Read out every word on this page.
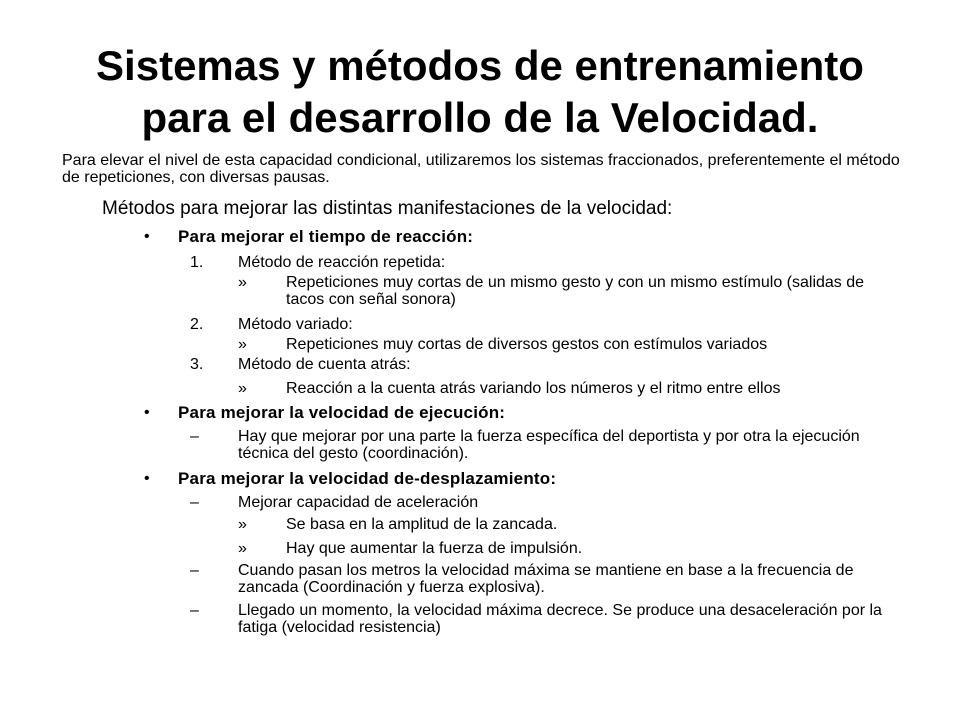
Sistemas y métodos de entrenamiento
para el desarrollo de la Velocidad.
Para elevar el nivel de esta capacidad condicional, utilizaremos los sistemas fraccionados, preferentemente el método de repeticiones, con diversas pausas.
Métodos para mejorar las distintas manifestaciones de la velocidad:
• Para mejorar el tiempo de reacción:
1. Método de reacción repetida:
» Repeticiones muy cortas de un mismo gesto y con un mismo estímulo (salidas de tacos con señal sonora)
2. Método variado:
» Repeticiones muy cortas de diversos gestos con estímulos variados
3. Método de cuenta atrás:
» Reacción a la cuenta atrás variando los números y el ritmo entre ellos
• Para mejorar la velocidad de ejecución:
– Hay que mejorar por una parte la fuerza específica del deportista y por otra la ejecución técnica del gesto (coordinación).
• Para mejorar la velocidad de-desplazamiento:
– Mejorar capacidad de aceleración
» Se basa en la amplitud de la zancada.
» Hay que aumentar la fuerza de impulsión.
– Cuando pasan los metros la velocidad máxima se mantiene en base a la frecuencia de zancada (Coordinación y fuerza explosiva).
– Llegado un momento, la velocidad máxima decrece. Se produce una desaceleración por la fatiga (velocidad resistencia)
